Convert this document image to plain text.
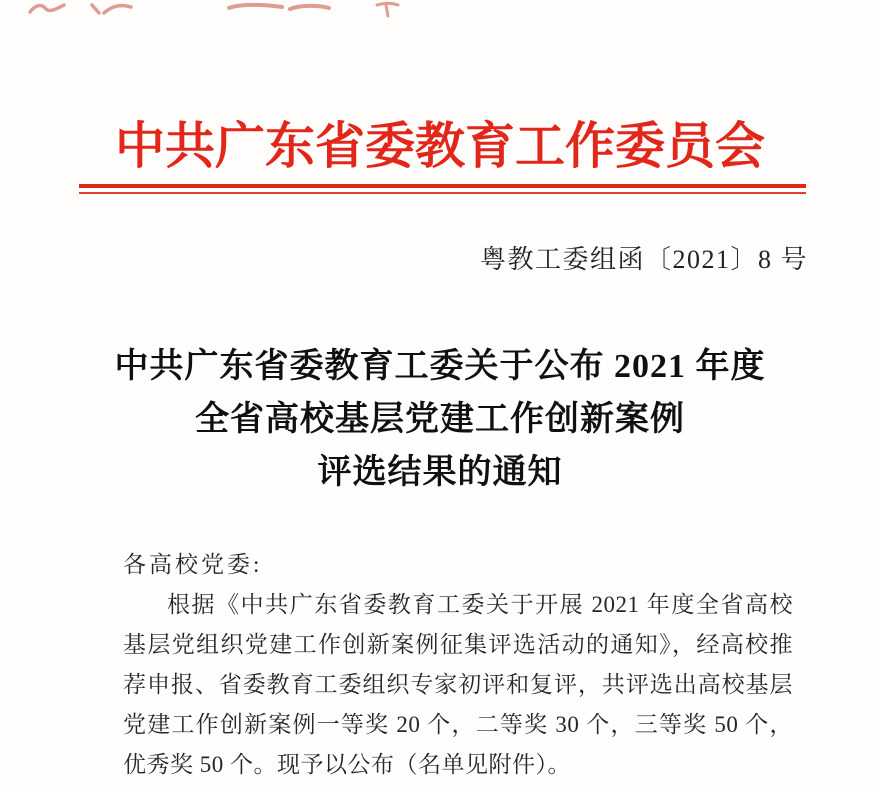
中共广东省委教育工作委员会
粤教工委组函〔2021〕8 号
中共广东省委教育工委关于公布 2021 年度
全省高校基层党建工作创新案例
评选结果的通知
各高校党委:
根据《中共广东省委教育工委关于开展 2021 年度全省高校
基层党组织党建工作创新案例征集评选活动的通知》，经高校推
荐申报、省委教育工委组织专家初评和复评，共评选出高校基层
党建工作创新案例一等奖 20 个，二等奖 30 个，三等奖 50 个，
优秀奖 50 个。现予以公布（名单见附件）。
